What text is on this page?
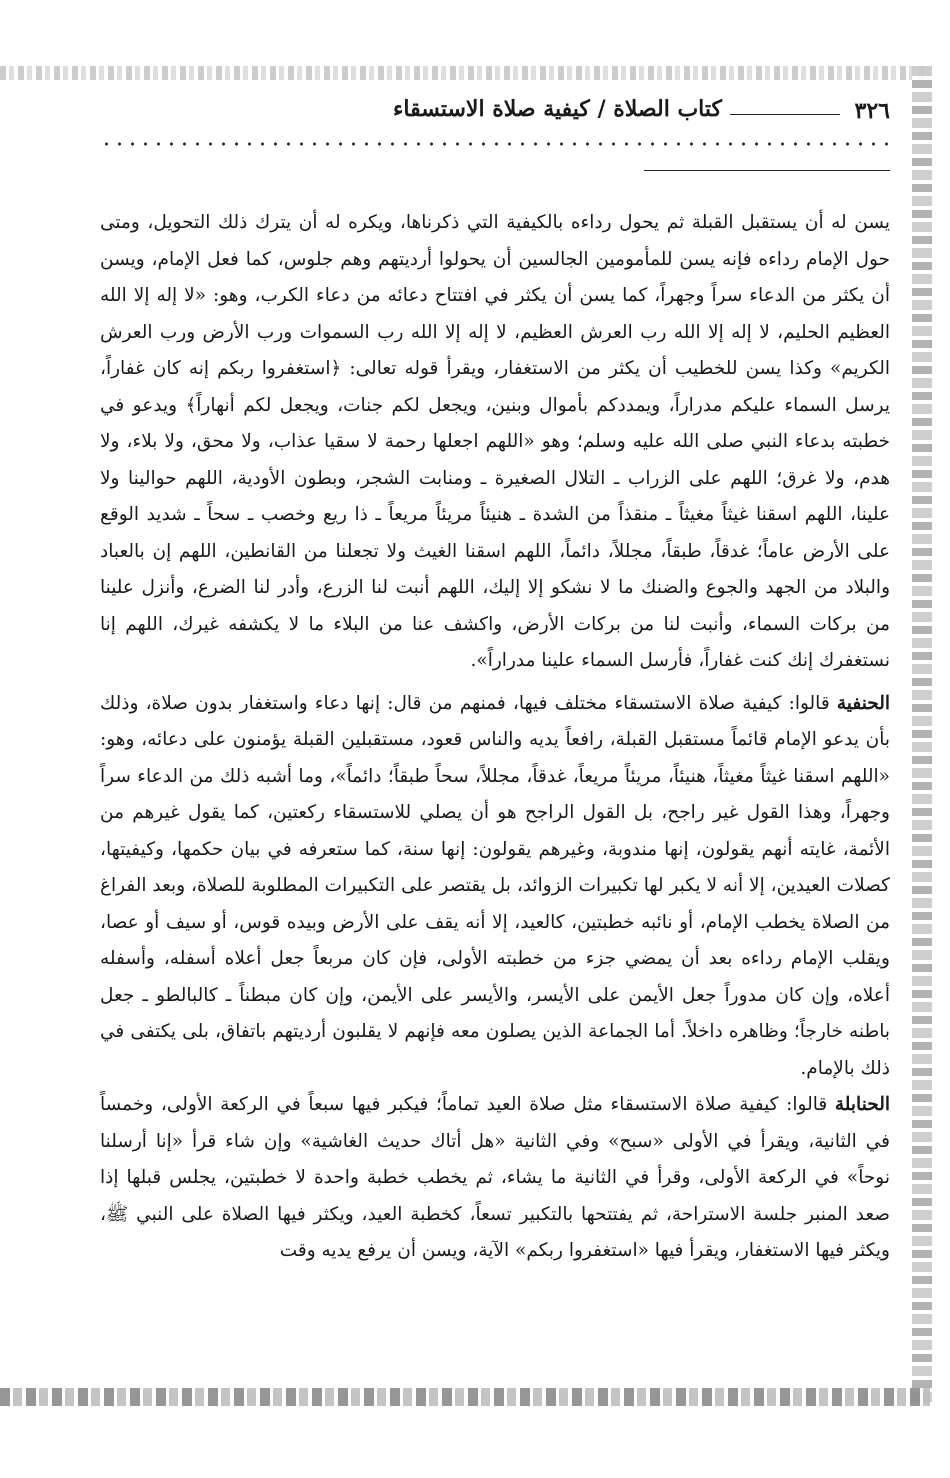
٣٢٦
كتاب الصلاة / كيفية صلاة الاستسقاء

يسن له أن يستقبل القبلة ثم يحول رداءه بالكيفية التي ذكرناها، ويكره له أن يترك ذلك التحويل، ومتى حول الإمام رداءه فإنه يسن للمأمومين الجالسين أن يحولوا أرديتهم وهم جلوس، كما فعل الإمام، ويسن أن يكثر من الدعاء سراً وجهراً، كما يسن أن يكثر في افتتاح دعائه من دعاء الكرب، وهو: «لا إله إلا الله العظيم الحليم، لا إله إلا الله رب العرش العظيم، لا إله إلا الله رب السموات ورب الأرض ورب العرش الكريم» وكذا يسن للخطيب أن يكثر من الاستغفار، ويقرأ قوله تعالى: ﴿استغفروا ربكم إنه كان غفاراً، يرسل السماء عليكم مدراراً، ويمددكم بأموال وبنين، ويجعل لكم جنات، ويجعل لكم أنهاراً﴾ ويدعو في خطبته بدعاء النبي صلى الله عليه وسلم؛ وهو «اللهم اجعلها رحمة لا سقيا عذاب، ولا محق، ولا بلاء، ولا هدم، ولا غرق؛ اللهم على الزراب ـ التلال الصغيرة ـ ومنابت الشجر، وبطون الأودية، اللهم حوالينا ولا علينا، اللهم اسقنا غيثاً مغيثاً ـ منقذاً من الشدة ـ هنيئاً مريئاً مريعاً ـ ذا ريع وخصب ـ سحاً ـ شديد الوقع على الأرض عاماً؛ غدقاً، طبقاً، مجللاً، دائماً، اللهم اسقنا الغيث ولا تجعلنا من القانطين، اللهم إن بالعباد والبلاد من الجهد والجوع والضنك ما لا نشكو إلا إليك، اللهم أنبت لنا الزرع، وأدر لنا الضرع، وأنزل علينا من بركات السماء، وأنبت لنا من بركات الأرض، واكشف عنا من البلاء ما لا يكشفه غيرك، اللهم إنا نستغفرك إنك كنت غفاراً، فأرسل السماء علينا مدراراً».

الحنفية قالوا: كيفية صلاة الاستسقاء مختلف فيها، فمنهم من قال: إنها دعاء واستغفار بدون صلاة، وذلك بأن يدعو الإمام قائماً مستقبل القبلة، رافعاً يديه والناس قعود، مستقبلين القبلة يؤمنون على دعائه، وهو: «اللهم اسقنا غيثاً مغيثاً، هنيئاً، مريئاً مريعاً، غدقاً، مجللاً، سحاً طبقاً؛ دائماً»، وما أشبه ذلك من الدعاء سراً وجهراً، وهذا القول غير راجح، بل القول الراجح هو أن يصلي للاستسقاء ركعتين، كما يقول غيرهم من الأئمة، غايته أنهم يقولون، إنها مندوبة، وغيرهم يقولون: إنها سنة، كما ستعرفه في بيان حكمها، وكيفيتها، كصلات العيدين، إلا أنه لا يكبر لها تكبيرات الزوائد، بل يقتصر على التكبيرات المطلوبة للصلاة، وبعد الفراغ من الصلاة يخطب الإمام، أو نائبه خطبتين، كالعيد، إلا أنه يقف على الأرض وبيده قوس، أو سيف أو عصا، ويقلب الإمام رداءه بعد أن يمضي جزء من خطبته الأولى، فإن كان مربعاً جعل أعلاه أسفله، وأسفله أعلاه، وإن كان مدوراً جعل الأيمن على الأيسر، والأيسر على الأيمن، وإن كان مبطناً ـ كالبالطو ـ جعل باطنه خارجاً؛ وظاهره داخلاً. أما الجماعة الذين يصلون معه فإنهم لا يقلبون أرديتهم باتفاق، بلى يكتفى في ذلك بالإمام.

الحنابلة قالوا: كيفية صلاة الاستسقاء مثل صلاة العيد تماماً؛ فيكبر فيها سبعاً في الركعة الأولى، وخمساً في الثانية، ويقرأ في الأولى «سبح» وفي الثانية «هل أتاك حديث الغاشية» وإن شاء قرأ «إنا أرسلنا نوحاً» في الركعة الأولى، وقرأ في الثانية ما يشاء، ثم يخطب خطبة واحدة لا خطبتين، يجلس قبلها إذا صعد المنبر جلسة الاستراحة، ثم يفتتحها بالتكبير تسعاً، كخطبة العيد، ويكثر فيها الصلاة على النبي ﷺ، ويكثر فيها الاستغفار، ويقرأ فيها «استغفروا ربكم» الآية، ويسن أن يرفع يديه وقت
